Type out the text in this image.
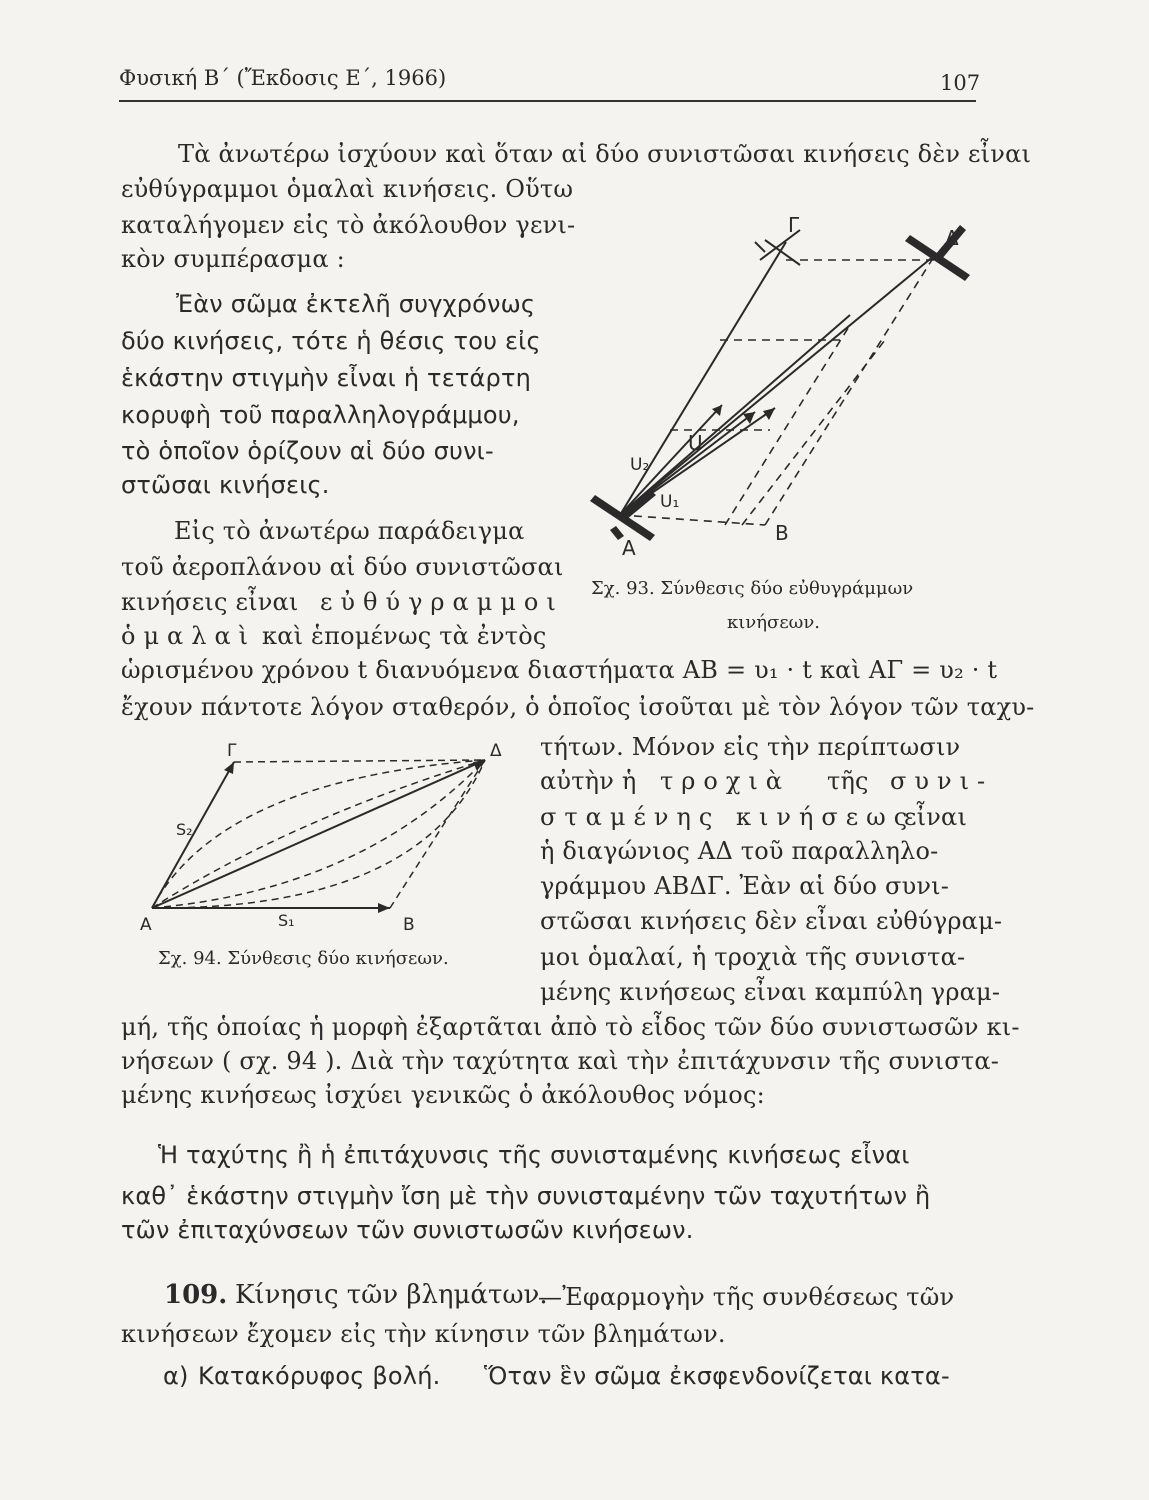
Φυσική Β΄ (Ἔκδοσις Ε΄, 1966)	107
Τὰ ἀνωτέρω ἰσχύουν καὶ ὅταν αἱ δύο συνιστῶσαι κινήσεις δὲν εἶναι
εὐθύγραμμοι ὁμαλαὶ κινήσεις. Οὕτω
καταλήγομεν εἰς τὸ ἀκόλουθον γενι-
κὸν συμπέρασμα :
Ἐὰν σῶμα ἐκτελῆ συγχρόνως
δύο κινήσεις, τότε ἡ θέσις του εἰς
ἑκάστην στιγμὴν εἶναι ἡ τετάρτη
κορυφὴ τοῦ παραλληλογράμμου,
τὸ ὁποῖον ὁρίζουν αἱ δύο συνι-
στῶσαι κινήσεις.
Εἰς τὸ ἀνωτέρω παράδειγμα
τοῦ ἀεροπλάνου αἱ δύο συνιστῶσαι
κινήσεις εἶναι εὐθύγραμμοι
ὁμαλαὶ καὶ ἑπομένως τὰ ἐντὸς
ὡρισμένου χρόνου t διανυόμενα διαστήματα ΑΒ = υ₁ · t καὶ ΑΓ = υ₂ · t
ἔχουν πάντοτε λόγον σταθερόν, ὁ ὁποῖος ἰσοῦται μὲ τὸν λόγον τῶν ταχυ-
τήτων. Μόνον εἰς τὴν περίπτωσιν
αὐτὴν ἡ τροχιὰ τῆς συνι-
σταμένης κινήσεως
εἶναι
ἡ διαγώνιος ΑΔ τοῦ παραλληλο-
γράμμου ΑΒΔΓ. Ἐὰν αἱ δύο συνι-
στῶσαι κινήσεις δὲν εἶναι εὐθύγραμ-
μοι ὁμαλαί, ἡ τροχιὰ τῆς συνιστα-
μένης κινήσεως εἶναι καμπύλη γραμ-
μή, τῆς ὁποίας ἡ μορφὴ ἐξαρτᾶται ἀπὸ τὸ εἶδος τῶν δύο συνιστωσῶν κι-
νήσεων ( σχ. 94 ). Διὰ τὴν ταχύτητα καὶ τὴν ἐπιτάχυνσιν τῆς συνιστα-
μένης κινήσεως ἰσχύει γενικῶς ὁ ἀκόλουθος νόμος:
Ἡ ταχύτης ἢ ἡ ἐπιτάχυνσις τῆς συνισταμένης κινήσεως εἶναι
καθ᾽ ἑκάστην στιγμὴν ἴση μὲ τὴν συνισταμένην τῶν ταχυτήτων ἢ
τῶν ἐπιταχύνσεων τῶν συνιστωσῶν κινήσεων.
109. Κίνησις τῶν βλημάτων.
—Ἐφαρμογὴν τῆς συνθέσεως τῶν
κινήσεων ἔχομεν εἰς τὴν κίνησιν τῶν βλημάτων.
α) Κατακόρυφος βολή. Ὅταν ἓν σῶμα ἐκσφενδονίζεται κατα-
A
B
Γ
Δ
U
U₁
U₂
Σχ. 93. Σύνθεσις δύο εὐθυγράμμων
κινήσεων.
A	B
Γ	Δ
S₂
S₁
Σχ. 94. Σύνθεσις δύο κινήσεων.
